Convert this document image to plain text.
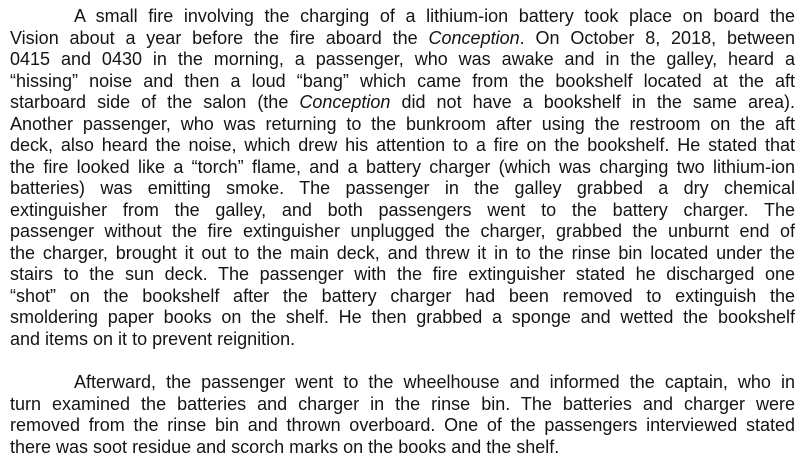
A small fire involving the charging of a lithium-ion battery took place on board the
Vision about a year before the fire aboard the Conception. On October 8, 2018, between
0415 and 0430 in the morning, a passenger, who was awake and in the galley, heard a
“hissing” noise and then a loud “bang” which came from the bookshelf located at the aft
starboard side of the salon (the Conception did not have a bookshelf in the same area).
Another passenger, who was returning to the bunkroom after using the restroom on the aft
deck, also heard the noise, which drew his attention to a fire on the bookshelf. He stated that
the fire looked like a “torch” flame, and a battery charger (which was charging two lithium-ion
batteries) was emitting smoke. The passenger in the galley grabbed a dry chemical
extinguisher from the galley, and both passengers went to the battery charger. The
passenger without the fire extinguisher unplugged the charger, grabbed the unburnt end of
the charger, brought it out to the main deck, and threw it in to the rinse bin located under the
stairs to the sun deck. The passenger with the fire extinguisher stated he discharged one
“shot” on the bookshelf after the battery charger had been removed to extinguish the
smoldering paper books on the shelf. He then grabbed a sponge and wetted the bookshelf
and items on it to prevent reignition.
Afterward, the passenger went to the wheelhouse and informed the captain, who in
turn examined the batteries and charger in the rinse bin. The batteries and charger were
removed from the rinse bin and thrown overboard. One of the passengers interviewed stated
there was soot residue and scorch marks on the books and the shelf.
